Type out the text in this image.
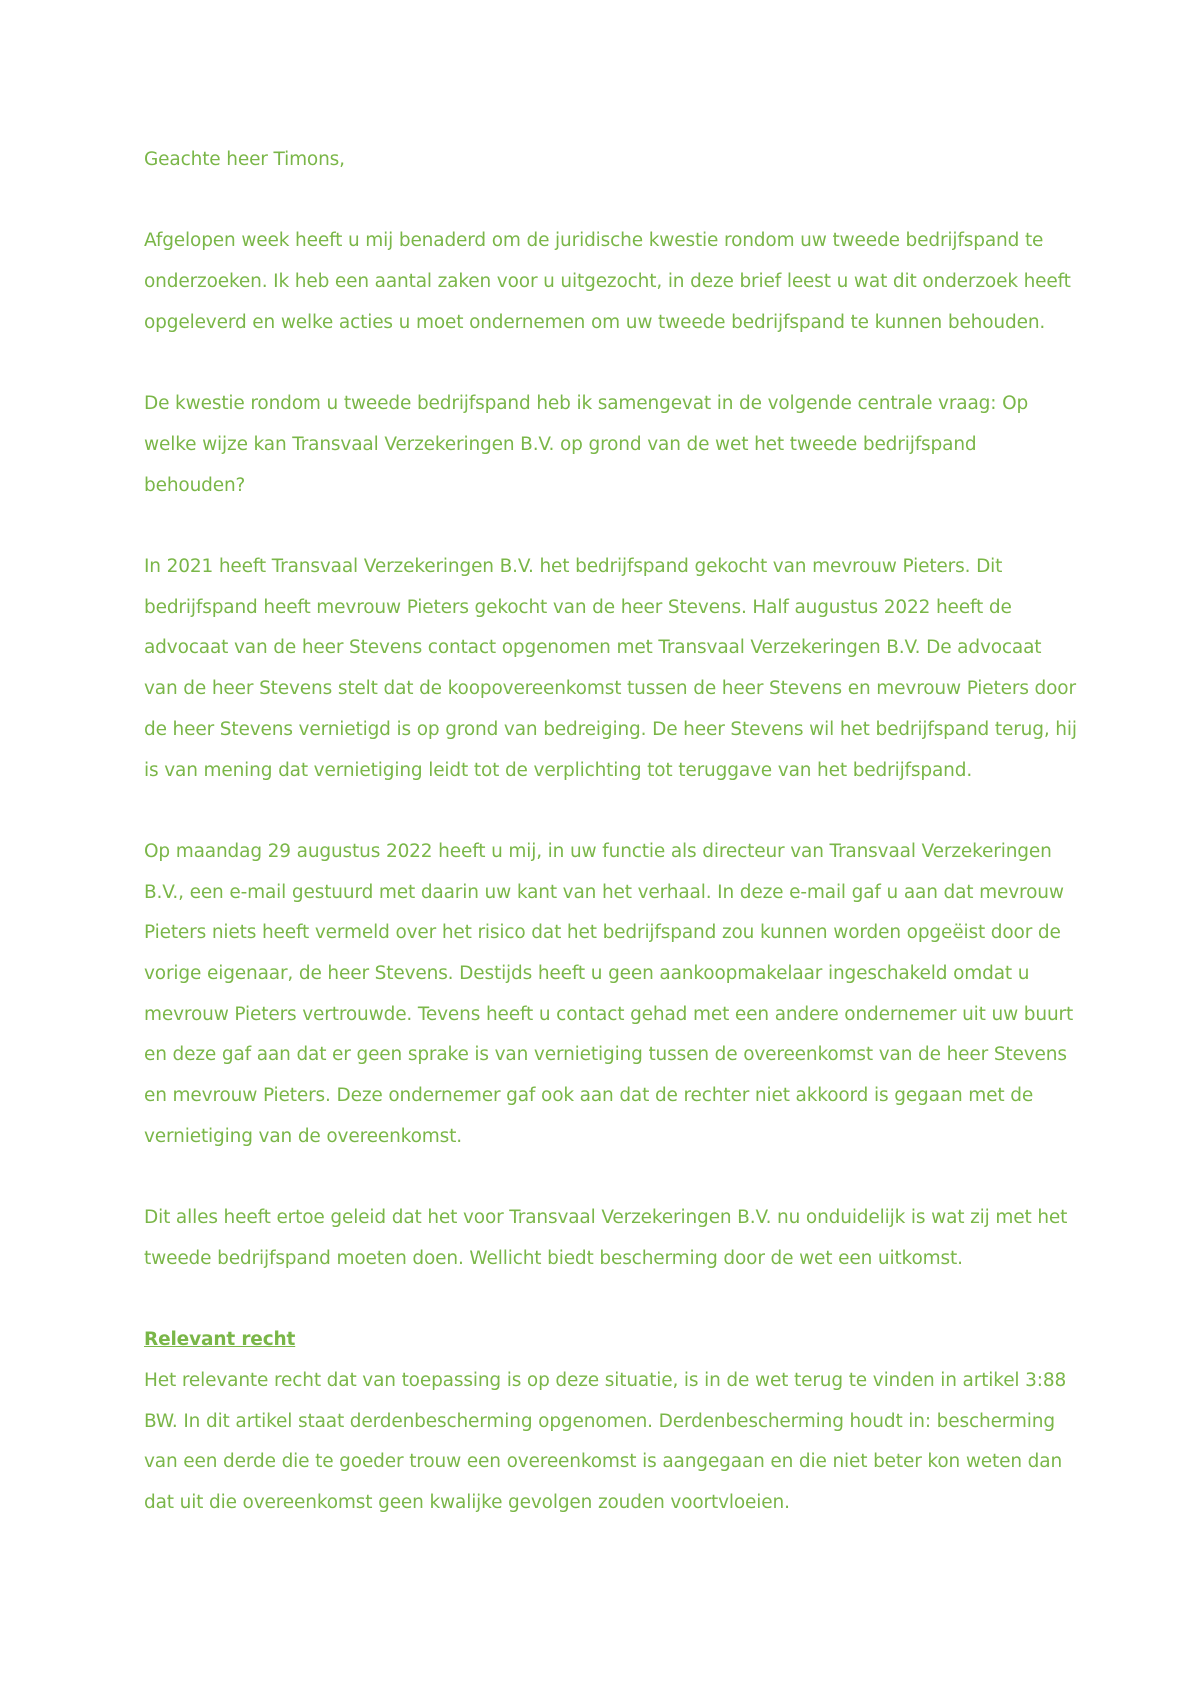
Geachte heer Timons,

Afgelopen week heeft u mij benaderd om de juridische kwestie rondom uw tweede bedrijfspand te onderzoeken. Ik heb een aantal zaken voor u uitgezocht, in deze brief leest u wat dit onderzoek heeft opgeleverd en welke acties u moet ondernemen om uw tweede bedrijfspand te kunnen behouden.

De kwestie rondom u tweede bedrijfspand heb ik samengevat in de volgende centrale vraag: Op welke wijze kan Transvaal Verzekeringen B.V. op grond van de wet het tweede bedrijfspand behouden?

In 2021 heeft Transvaal Verzekeringen B.V. het bedrijfspand gekocht van mevrouw Pieters. Dit bedrijfspand heeft mevrouw Pieters gekocht van de heer Stevens. Half augustus 2022 heeft de advocaat van de heer Stevens contact opgenomen met Transvaal Verzekeringen B.V. De advocaat van de heer Stevens stelt dat de koopovereenkomst tussen de heer Stevens en mevrouw Pieters door de heer Stevens vernietigd is op grond van bedreiging. De heer Stevens wil het bedrijfspand terug, hij is van mening dat vernietiging leidt tot de verplichting tot teruggave van het bedrijfspand.

Op maandag 29 augustus 2022 heeft u mij, in uw functie als directeur van Transvaal Verzekeringen B.V., een e-mail gestuurd met daarin uw kant van het verhaal. In deze e-mail gaf u aan dat mevrouw Pieters niets heeft vermeld over het risico dat het bedrijfspand zou kunnen worden opgeëist door de vorige eigenaar, de heer Stevens. Destijds heeft u geen aankoopmakelaar ingeschakeld omdat u mevrouw Pieters vertrouwde. Tevens heeft u contact gehad met een andere ondernemer uit uw buurt en deze gaf aan dat er geen sprake is van vernietiging tussen de overeenkomst van de heer Stevens en mevrouw Pieters. Deze ondernemer gaf ook aan dat de rechter niet akkoord is gegaan met de vernietiging van de overeenkomst.

Dit alles heeft ertoe geleid dat het voor Transvaal Verzekeringen B.V. nu onduidelijk is wat zij met het tweede bedrijfspand moeten doen. Wellicht biedt bescherming door de wet een uitkomst.

Relevant recht

Het relevante recht dat van toepassing is op deze situatie, is in de wet terug te vinden in artikel 3:88 BW. In dit artikel staat derdenbescherming opgenomen. Derdenbescherming houdt in: bescherming van een derde die te goeder trouw een overeenkomst is aangegaan en die niet beter kon weten dan dat uit die overeenkomst geen kwalijke gevolgen zouden voortvloeien.
